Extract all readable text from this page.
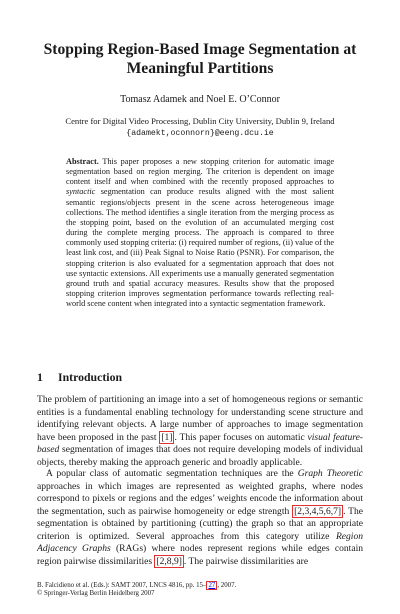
Stopping Region-Based Image Segmentation at
Meaningful Partitions
Tomasz Adamek and Noel E. O’Connor
Centre for Digital Video Processing, Dublin City University, Dublin 9, Ireland
{adamekt,oconnorn}@eeng.dcu.ie

Abstract. This paper proposes a new stopping criterion for automatic image segmentation based on region merging. The criterion is dependent on image content itself and when combined with the recently proposed approaches to syntactic segmentation can produce results aligned with the most salient semantic regions/objects present in the scene across heterogeneous image collections. The method identifies a single iteration from the merging process as the stopping point, based on the evolution of an accumulated merging cost during the complete merging process. The approach is compared to three commonly used stopping criteria: (i) required number of regions, (ii) value of the least link cost, and (iii) Peak Signal to Noise Ratio (PSNR). For comparison, the stopping criterion is also evaluated for a segmentation approach that does not use syntactic extensions. All experiments use a manually generated segmentation ground truth and spatial accuracy measures. Results show that the proposed stopping criterion improves segmentation performance towards reflecting real-world scene content when integrated into a syntactic segmentation framework.

1 Introduction

The problem of partitioning an image into a set of homogeneous regions or semantic entities is a fundamental enabling technology for understanding scene structure and identifying relevant objects. A large number of approaches to image segmentation have been proposed in the past [1] . This paper focuses on automatic visual feature-based segmentation of images that does not require developing models of individual objects, thereby making the approach generic and broadly applicable.

A popular class of automatic segmentation techniques are the Graph Theoretic approaches in which images are represented as weighted graphs, where nodes correspond to pixels or regions and the edges’ weights encode the information about the segmentation, such as pairwise homogeneity or edge strength [2,3,4,5,6,7] . The segmentation is obtained by partitioning (cutting) the graph so that an appropriate criterion is optimized. Several approaches from this category utilize Region Adjacency Graphs (RAGs) where nodes represent regions while edges contain region pairwise dissimilarities [2,8,9] . The pairwise dissimilarities are

B. Falcidieno et al. (Eds.): SAMT 2007, LNCS 4816, pp. 15– 27 , 2007.
© Springer-Verlag Berlin Heidelberg 2007
